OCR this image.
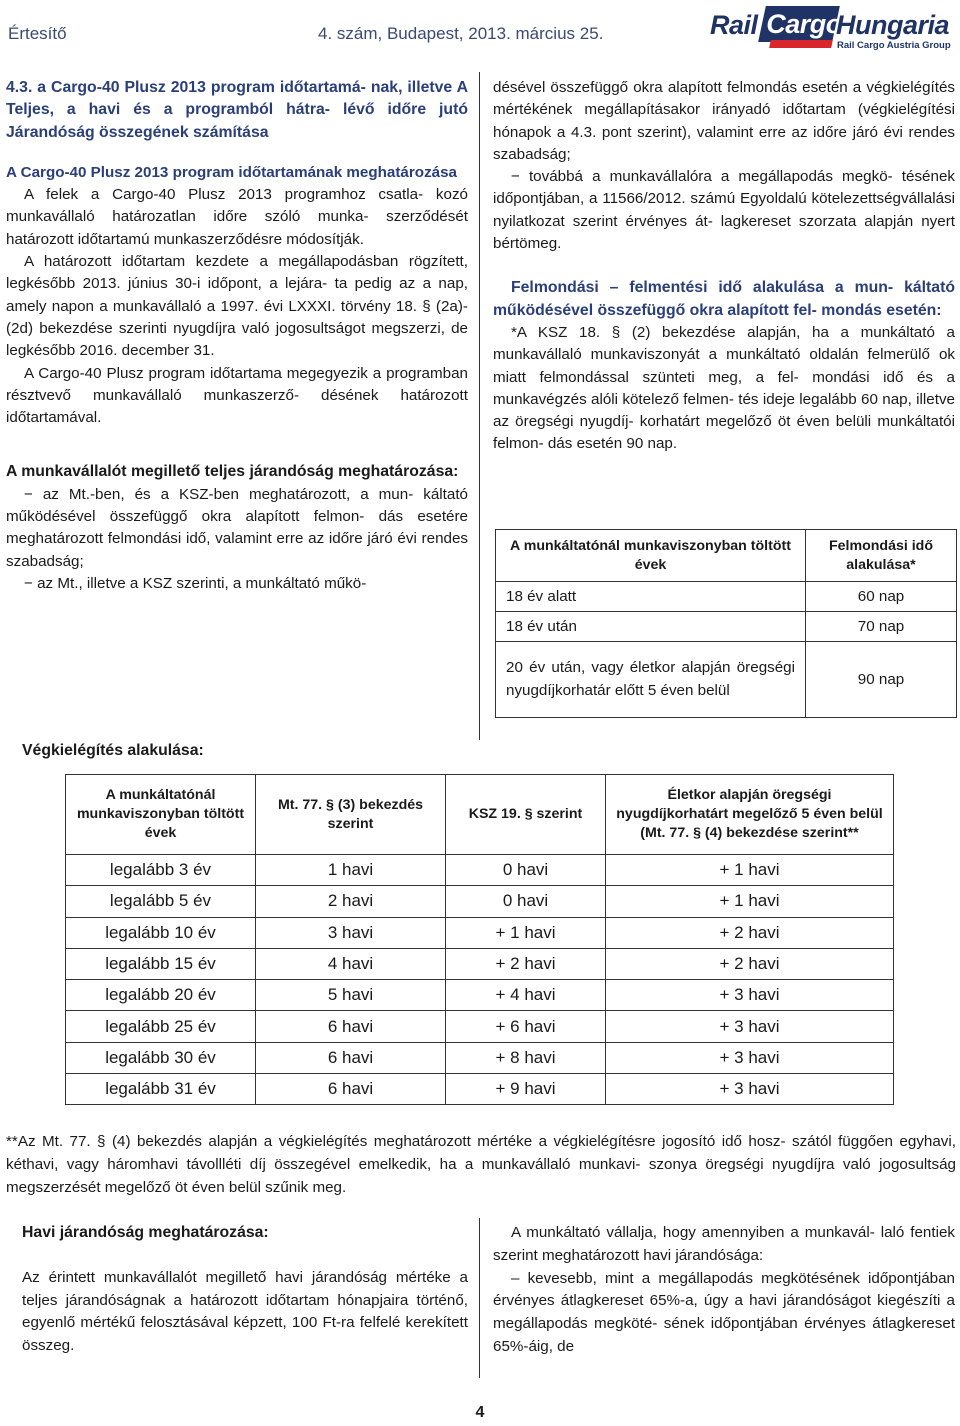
Értesítő	4. szám, Budapest, 2013. március 25.	Rail Cargo
Hungaria
Rail Cargo Austria Group
4.3. a Cargo-40 Plusz 2013 program időtartamá- nak, illetve A Teljes, a havi és a programból hátra- lévő időre jutó Járandóság összegének számítása
A Cargo-40 Plusz 2013 program időtartamának meghatározása
A felek a Cargo-40 Plusz 2013 programhoz csatla- kozó munkavállaló határozatlan időre szóló munka- szerződését határozott időtartamú munkaszerződésre módosítják.
A határozott időtartam kezdete a megállapodásban rögzített, legkésőbb 2013. június 30-i időpont, a lejára- ta pedig az a nap, amely napon a munkavállaló a 1997. évi LXXXI. törvény 18. § (2a)-(2d) bekezdése szerinti nyugdíjra való jogosultságot megszerzi, de legkésőbb 2016. december 31.
A Cargo-40 Plusz program időtartama megegyezik a programban résztvevő munkavállaló munkaszerző- désének határozott időtartamával.
A munkavállalót megillető teljes járandóság meghatározása:
− az Mt.-ben, és a KSZ-ben meghatározott, a mun- káltató működésével összefüggő okra alapított felmon- dás esetére meghatározott felmondási idő, valamint erre az időre járó évi rendes szabadság;
− az Mt., illetve a KSZ szerinti, a munkáltató műkö-
désével összefüggő okra alapított felmondás esetén a végkielégítés mértékének megállapításakor irányadó időtartam (végkielégítési hónapok a 4.3. pont szerint), valamint erre az időre járó évi rendes szabadság;
− továbbá a munkavállalóra a megállapodás megkö- tésének időpontjában, a 11566/2012. számú Egyoldalú kötelezettségvállalási nyilatkozat szerint érvényes át- lagkereset szorzata alapján nyert bértömeg.
Felmondási – felmentési idő alakulása a mun- káltató működésével összefüggő okra alapított fel- mondás esetén:
*A KSZ 18. § (2) bekezdése alapján, ha a munkáltató a munkavállaló munkaviszonyát a munkáltató oldalán felmerülő ok miatt felmondással szünteti meg, a fel- mondási idő és a munkavégzés alóli kötelező felmen- tés ideje legalább 60 nap, illetve az öregségi nyugdíj- korhatárt megelőző öt éven belüli munkáltatói felmon- dás esetén 90 nap.
A munkáltatónál munkaviszonyban töltött évek	Felmondási idő alakulása*
18 év alatt	60 nap
18 év után	70 nap
20 év után, vagy életkor alapján öregségi nyugdíjkorhatár előtt 5 éven belül	90 nap
Végkielégítés alakulása:
A munkáltatónál munkaviszonyban töltött évek	Mt. 77. § (3) bekezdés szerint	KSZ 19. § szerint	Életkor alapján öregségi nyugdíjkorhatárt megelőző 5 éven belül (Mt. 77. § (4) bekezdése szerint**
legalább 3 év	1 havi	0 havi	+ 1 havi
legalább 5 év	2 havi	0 havi	+ 1 havi
legalább 10 év	3 havi	+ 1 havi	+ 2 havi
legalább 15 év	4 havi	+ 2 havi	+ 2 havi
legalább 20 év	5 havi	+ 4 havi	+ 3 havi
legalább 25 év	6 havi	+ 6 havi	+ 3 havi
legalább 30 év	6 havi	+ 8 havi	+ 3 havi
legalább 31 év	6 havi	+ 9 havi	+ 3 havi
**Az Mt. 77. § (4) bekezdés alapján a végkielégítés meghatározott mértéke a végkielégítésre jogosító idő hosz- szától függően egyhavi, kéthavi, vagy háromhavi távollléti díj összegével emelkedik, ha a munkavállaló munkavi- szonya öregségi nyugdíjra való jogosultság megszerzését megelőző öt éven belül szűnik meg.
Havi járandóság meghatározása:
Az érintett munkavállalót megillető havi járandóság mértéke a teljes járandóságnak a határozott időtartam hónapjaira történő, egyenlő mértékű felosztásával képzett, 100 Ft-ra felfelé kerekített összeg.
A munkáltató vállalja, hogy amennyiben a munkavál- laló fentiek szerint meghatározott havi járandósága:
– kevesebb, mint a megállapodás megkötésének időpontjában érvényes átlagkereset 65%-a, úgy a havi járandóságot kiegészíti a megállapodás megköté- sének időpontjában érvényes átlagkereset 65%-áig, de
4
